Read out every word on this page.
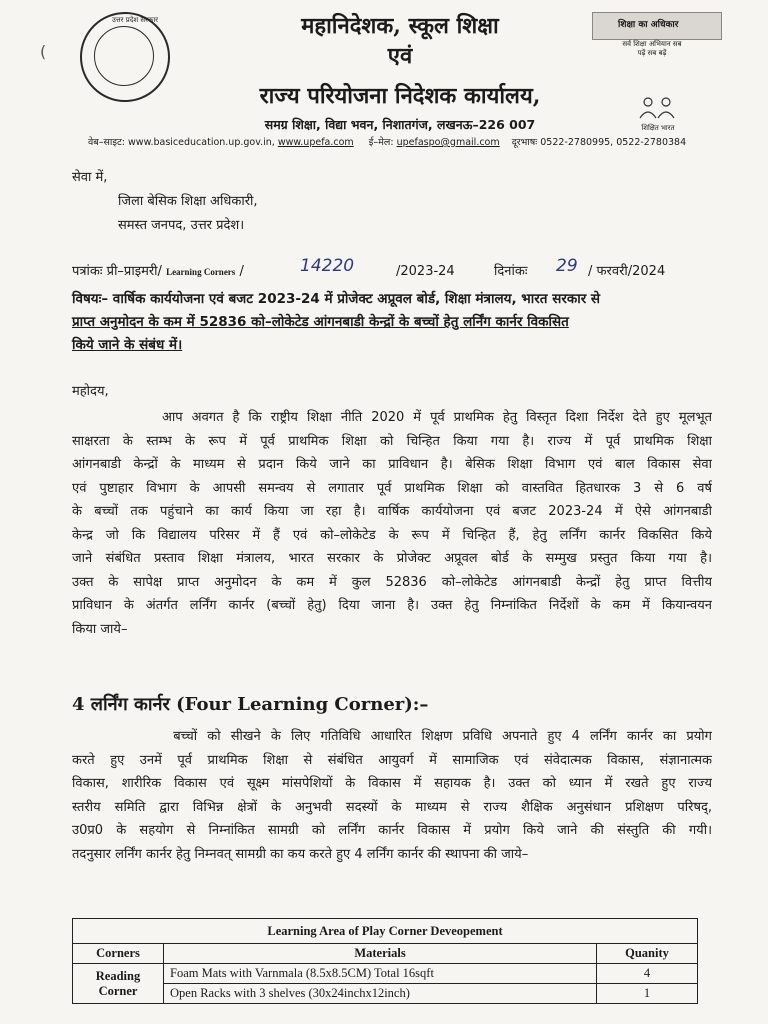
(
उत्तर प्रदेश सरकार	महानिदेशक, स्कूल शिक्षा
एवं
राज्य परियोजना निदेशक कार्यालय,
समग्र शिक्षा, विद्या भवन, निशातगंज, लखनऊ–226 007
वेब–साइट: www.basiceducation.up.gov.in, www.upefa.com ई–मेल: upefaspo@gmail.com दूरभाषः 0522-2780995, 0522-2780384
शिक्षा का अधिकार
सर्व शिक्षा अभियान सब पढ़ें सब बढ़ें
शिक्षित भारत
सेवा में,
जिला बेसिक शिक्षा अधिकारी,
समस्त जनपद, उत्तर प्रदेश।
पत्रांकः प्री–प्राइमरी/ Learning Corners /	14220	/2023-24	दिनांकः 29 / फरवरी/2024
विषयः– वार्षिक कार्ययोजना एवं बजट 2023-24 में प्रोजेक्ट अप्रूवल बोर्ड, शिक्षा मंत्रालय, भारत सरकार से
प्राप्त अनुमोदन के कम में 52836 को–लोकेटेड आंगनबाडी केन्द्रों के बच्चों हेतु लर्निंग कार्नर विकसित
किये जाने के संबंध में।
महोदय,
आप अवगत है कि राष्ट्रीय शिक्षा नीति 2020 में पूर्व प्राथमिक हेतु विस्तृत दिशा निर्देश देते हुए मूलभूत
साक्षरता के स्तम्भ के रूप में पूर्व प्राथमिक शिक्षा को चिन्हित किया गया है। राज्य में पूर्व प्राथमिक शिक्षा
आंगनबाडी केन्द्रों के माध्यम से प्रदान किये जाने का प्राविधान है। बेसिक शिक्षा विभाग एवं बाल विकास सेवा
एवं पुष्टाहार विभाग के आपसी समन्वय से लगातार पूर्व प्राथमिक शिक्षा को वास्तवित हितधारक 3 से 6 वर्ष
के बच्चों तक पहुंचाने का कार्य किया जा रहा है। वार्षिक कार्ययोजना एवं बजट 2023-24 में ऐसे आंगनबाडी
केन्द्र जो कि विद्यालय परिसर में हैं एवं को–लोकेटेड के रूप में चिन्हित हैं, हेतु लर्निंग कार्नर विकसित किये
जाने संबंधित प्रस्ताव शिक्षा मंत्रालय, भारत सरकार के प्रोजेक्ट अप्रूवल बोर्ड के सम्मुख प्रस्तुत किया गया है।
उक्त के सापेक्ष प्राप्त अनुमोदन के कम में कुल 52836 को–लोकेटेड आंगनबाडी केन्द्रों हेतु प्राप्त वित्तीय
प्राविधान के अंतर्गत लर्निंग कार्नर (बच्चों हेतु) दिया जाना है। उक्त हेतु निम्नांकित निर्देशों के कम में कियान्वयन
किया जाये–
4 लर्निंग कार्नर (Four Learning Corner):–
बच्चों को सीखने के लिए गतिविधि आधारित शिक्षण प्रविधि अपनाते हुए 4 लर्निंग कार्नर का प्रयोग
करते हुए उनमें पूर्व प्राथमिक शिक्षा से संबंधित आयुवर्ग में सामाजिक एवं संवेदात्मक विकास, संज्ञानात्मक
विकास, शारीरिक विकास एवं सूक्ष्म मांसपेशियों के विकास में सहायक है। उक्त को ध्यान में रखते हुए राज्य
स्तरीय समिति द्वारा विभिन्न क्षेत्रों के अनुभवी सदस्यों के माध्यम से राज्य शैक्षिक अनुसंधान प्रशिक्षण परिषद्,
उ0प्र0 के सहयोग से निम्नांकित सामग्री को लर्निंग कार्नर विकास में प्रयोग किये जाने की संस्तुति की गयी।
तदनुसार लर्निंग कार्नर हेतु निम्नवत् सामग्री का कय करते हुए 4 लर्निंग कार्नर की स्थापना की जाये–
Learning Area of Play Corner Deveopement		
Corners	Materials	Quanity
Reading Corner	Foam Mats with Varnmala (8.5x8.5CM) Total 16sqft	4
	Open Racks with 3 shelves (30x24inchx12inch)	1
